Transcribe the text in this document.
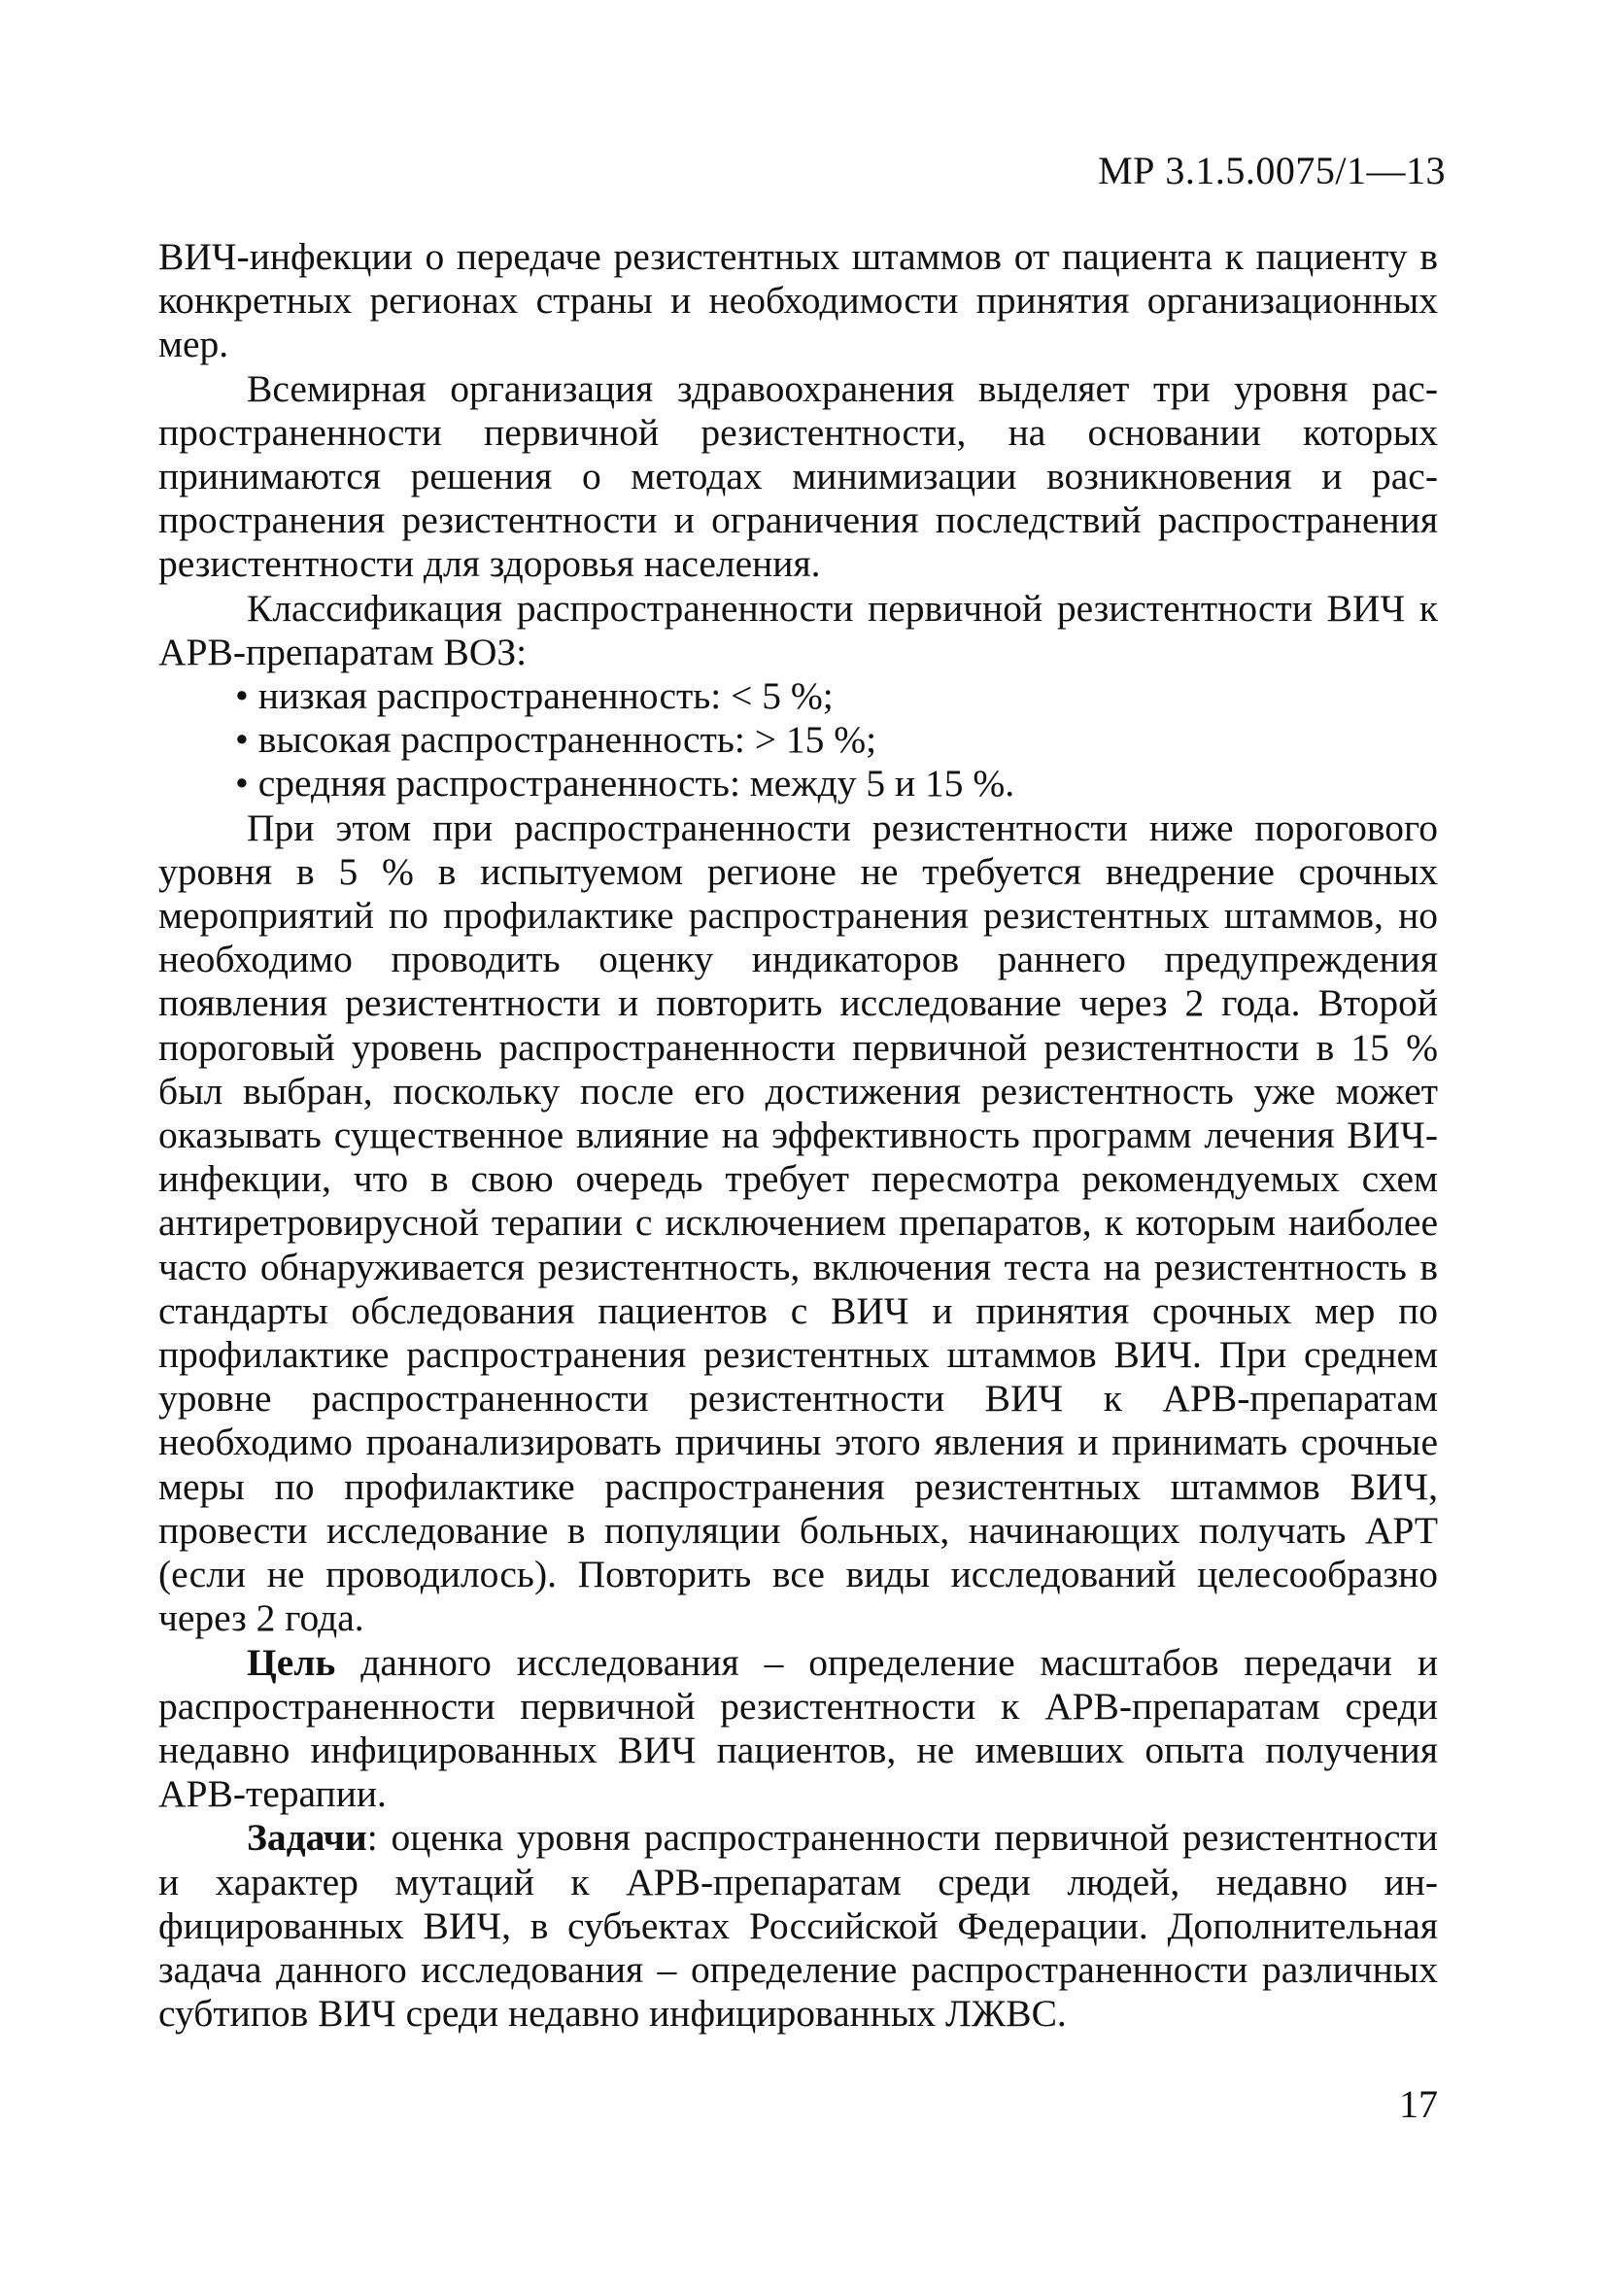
МР 3.1.5.0075/1—13

ВИЧ-инфекции о передаче резистентных штаммов от пациента к пациенту в конкретных регионах страны и необходимости принятия организационных мер.

Всемирная организация здравоохранения выделяет три уровня распространенности первичной резистентности, на основании которых принимаются решения о методах минимизации возникновения и распространения резистентности и ограничения последствий распространения резистентности для здоровья населения.

Классификация распространенности первичной резистентности ВИЧ к АРВ-препаратам ВОЗ:

• низкая распространенность: < 5 %;
• высокая распространенность: > 15 %;
• средняя распространенность: между 5 и 15 %.

При этом при распространенности резистентности ниже порогового уровня в 5 % в испытуемом регионе не требуется внедрение срочных мероприятий по профилактике распространения резистентных штаммов, но необходимо проводить оценку индикаторов раннего предупреждения появления резистентности и повторить исследование через 2 года. Второй пороговый уровень распространенности первичной резистентности в 15 % был выбран, поскольку после его достижения резистентность уже может оказывать существенное влияние на эффективность программ лечения ВИЧ-инфекции, что в свою очередь требует пересмотра рекомендуемых схем антиретровирусной терапии с исключением препаратов, к которым наиболее часто обнаруживается резистентность, включения теста на резистентность в стандарты обследования пациентов с ВИЧ и принятия срочных мер по профилактике распространения резистентных штаммов ВИЧ. При среднем уровне распространенности резистентности ВИЧ к АРВ-препаратам необходимо проанализировать причины этого явления и принимать срочные меры по профилактике распространения резистентных штаммов ВИЧ, провести исследование в популяции больных, начинающих получать АРТ (если не проводилось). Повторить все виды исследований целесообразно через 2 года.

Цель данного исследования – определение масштабов передачи и распространенности первичной резистентности к АРВ-препаратам среди недавно инфицированных ВИЧ пациентов, не имевших опыта получения АРВ-терапии.

Задачи: оценка уровня распространенности первичной резистентности и характер мутаций к АРВ-препаратам среди людей, недавно инфицированных ВИЧ, в субъектах Российской Федерации. Дополнительная задача данного исследования – определение распространенности различных субтипов ВИЧ среди недавно инфицированных ЛЖВС.

17
